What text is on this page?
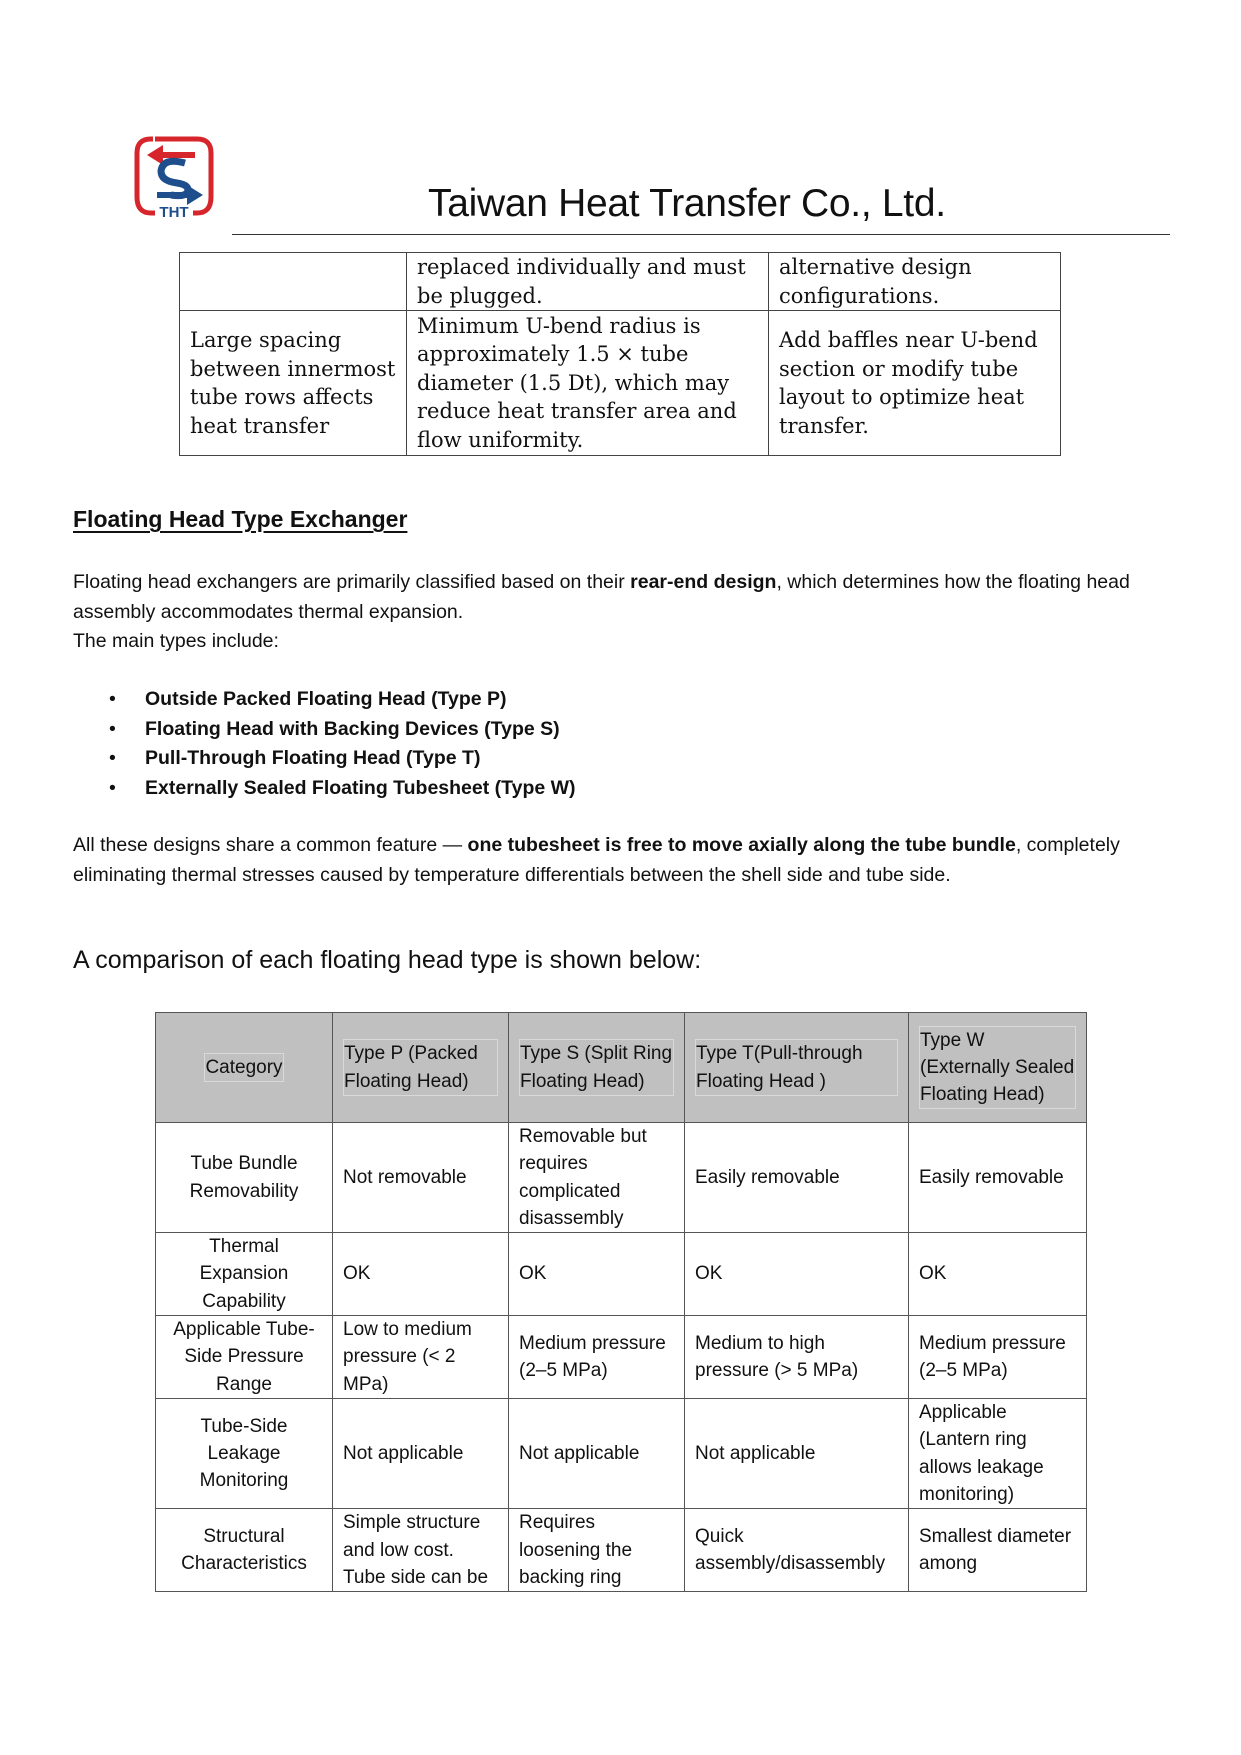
THT	Taiwan Heat Transfer Co., Ltd.
	replaced individually and must be plugged.	alternative design configurations.
Large spacing between innermost tube rows affects heat transfer	Minimum U-bend radius is approximately 1.5 × tube diameter (1.5 Dt), which may reduce heat transfer area and flow uniformity.	Add baffles near U-bend section or modify tube layout to optimize heat transfer.
Floating Head Type Exchanger
Floating head exchangers are primarily classified based on their rear-end design, which determines how the floating head assembly accommodates thermal expansion.
The main types include:
• Outside Packed Floating Head (Type P)
• Floating Head with Backing Devices (Type S)
• Pull-Through Floating Head (Type T)
• Externally Sealed Floating Tubesheet (Type W)
All these designs share a common feature — one tubesheet is free to move axially along the tube bundle, completely eliminating thermal stresses caused by temperature differentials between the shell side and tube side.
A comparison of each floating head type is shown below:
Category	Type P (Packed Floating Head)	Type S (Split Ring Floating Head)	Type T(Pull-through Floating Head )	Type W (Externally Sealed Floating Head)
Tube Bundle Removability	Not removable	Removable but requires complicated disassembly	Easily removable	Easily removable
Thermal Expansion Capability	OK	OK	OK	OK
Applicable Tube-Side Pressure Range	Low to medium pressure (< 2 MPa)	Medium pressure (2–5 MPa)	Medium to high pressure (> 5 MPa)	Medium pressure (2–5 MPa)
Tube-Side Leakage Monitoring	Not applicable	Not applicable	Not applicable	Applicable (Lantern ring allows leakage monitoring)
Structural Characteristics	Simple structure and low cost. Tube side can be	Requires loosening the backing ring	Quick assembly/disassembly	Smallest diameter among
